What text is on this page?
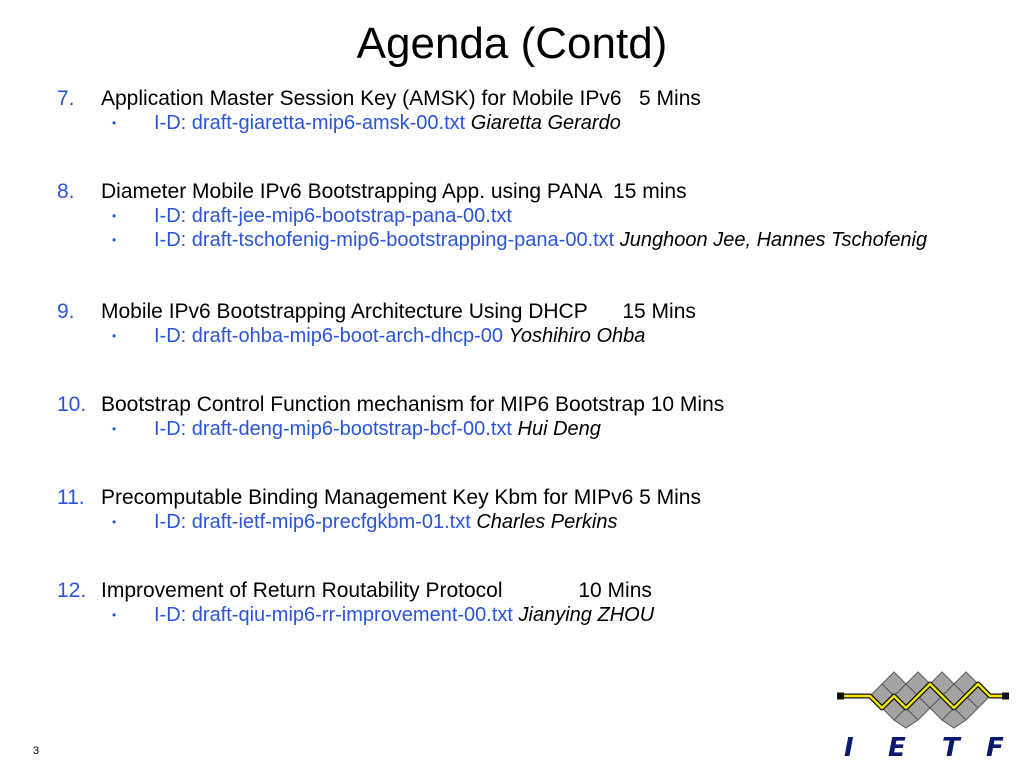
Agenda (Contd)
7. Application Master Session Key (AMSK) for Mobile IPv6   5 Mins
•	I-D: draft-giaretta-mip6-amsk-00.txt Giaretta Gerardo
8. Diameter Mobile IPv6 Bootstrapping App. using PANA  15 mins
•	I-D: draft-jee-mip6-bootstrap-pana-00.txt
•	I-D: draft-tschofenig-mip6-bootstrapping-pana-00.txt Junghoon Jee, Hannes Tschofenig
9. Mobile IPv6 Bootstrapping Architecture Using DHCP      15 Mins
•	I-D: draft-ohba-mip6-boot-arch-dhcp-00 Yoshihiro Ohba
10. Bootstrap Control Function mechanism for MIP6 Bootstrap 10 Mins
•	I-D: draft-deng-mip6-bootstrap-bcf-00.txt Hui Deng
11. Precomputable Binding Management Key Kbm for MIPv6 5 Mins
•	I-D: draft-ietf-mip6-precfgkbm-01.txt Charles Perkins
12. Improvement of Return Routability Protocol             10 Mins
•	I-D: draft-qiu-mip6-rr-improvement-00.txt Jianying ZHOU
3	I E T F
